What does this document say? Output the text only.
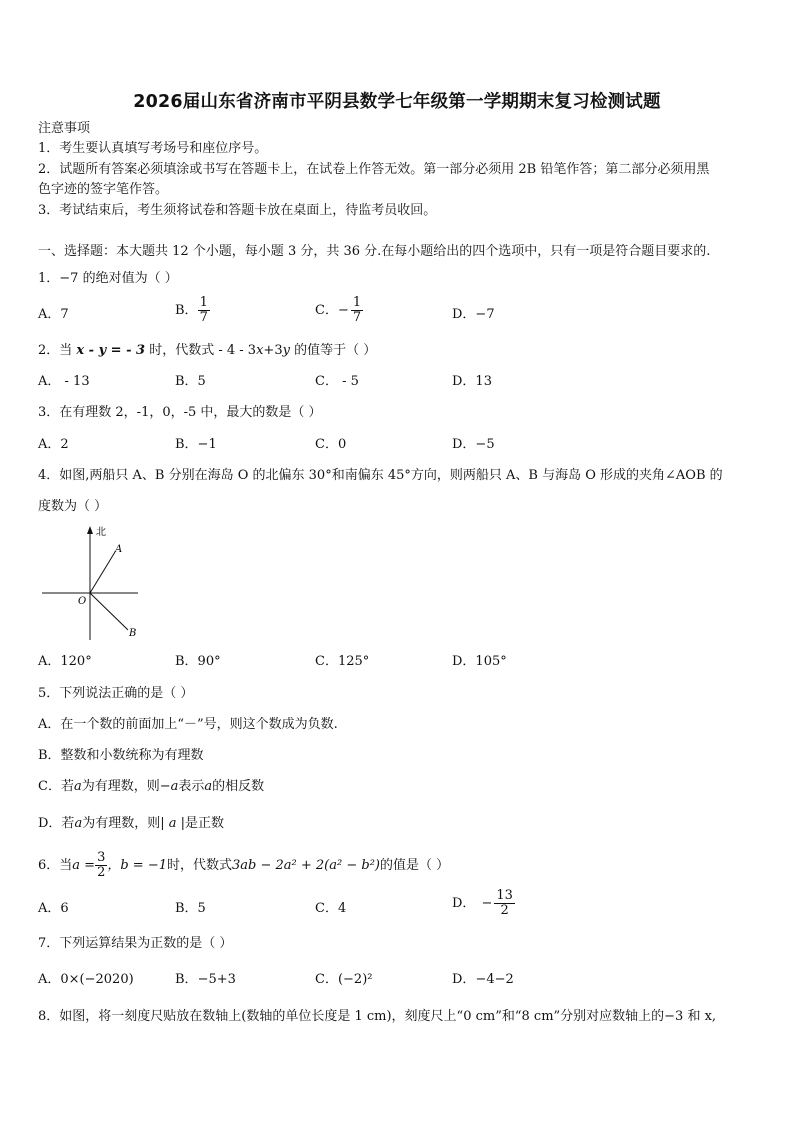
2026届山东省济南市平阴县数学七年级第一学期期末复习检测试题
注意事项
1．考生要认真填写考场号和座位序号。
2．试题所有答案必须填涂或书写在答题卡上，在试卷上作答无效。第一部分必须用 2B 铅笔作答；第二部分必须用黑
色字迹的签字笔作答。
3．考试结束后，考生须将试卷和答题卡放在桌面上，待监考员收回。
一、选择题：本大题共 12 个小题，每小题 3 分，共 36 分.在每小题给出的四个选项中，只有一项是符合题目要求的.
1．−7 的绝对值为（ ）
A．7	B． $\frac{1}{7}$	C．− $\frac{1}{7}$	D．−7
2．当 x - y = - 3 时，代数式 - 4 - 3x+3y 的值等于（ ）
A． - 13	B．5	C． - 5	D．13
3．在有理数 2，-1，0，-5 中，最大的数是（ ）
A．2	B．−1	C．0	D．−5
4．如图,两船只 A、B 分别在海岛 O 的北偏东 30°和南偏东 45°方向，则两船只 A、B 与海岛 O 形成的夹角∠AOB 的
度数为（ ）
北
A
O
B
A．120°	B．90°	C．125°	D．105°
5．下列说法正确的是（ ）
A．在一个数的前面加上“－”号，则这个数成为负数.
B．整数和小数统称为有理数
C．若a为有理数，则−a表示a的相反数
D．若a为有理数，则| a |是正数
6．当$a = \frac{3}{2}$ ，b = −1时，代数式3ab − 2a² + 2(a² − b²)的值是（ ）
A．6	B．5	C．4	D． − $\frac{13}{2}$
7．下列运算结果为正数的是（ ）
A．0×(−2020)	B．−5+3	C．(−2)²	D．−4−2
8．如图，将一刻度尺贴放在数轴上(数轴的单位长度是 1 cm)，刻度尺上“0 cm”和“8 cm”分别对应数轴上的−3 和 x,
